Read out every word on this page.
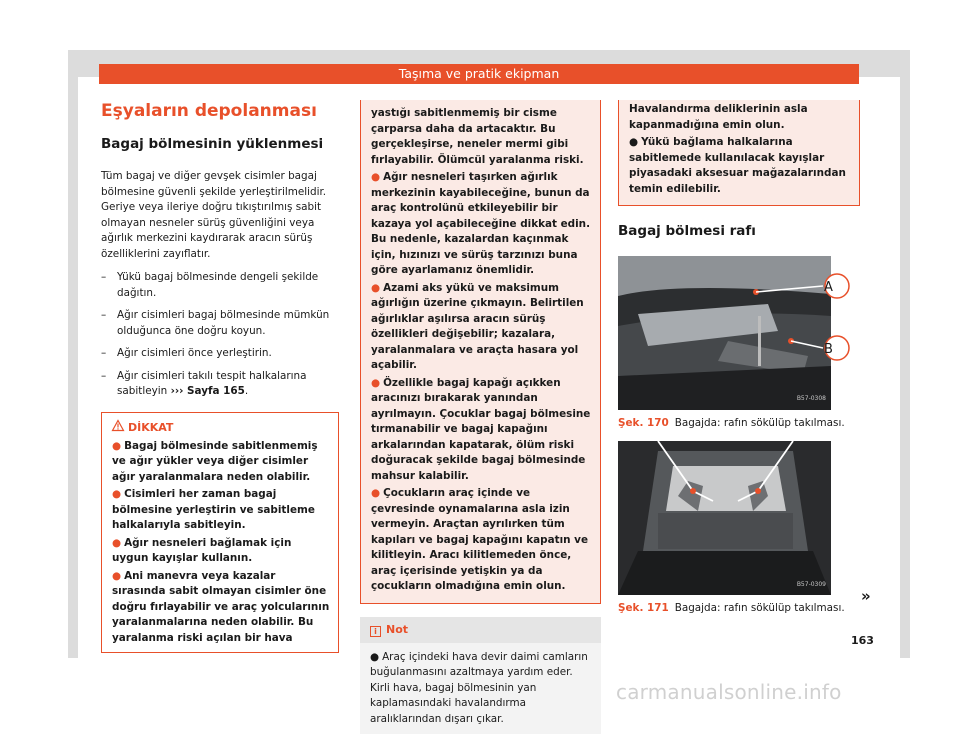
Taşıma ve pratik ekipman
Eşyaların depolanması
Bagaj bölmesinin yüklenmesi

Tüm bagaj ve diğer gevşek cisimler bagaj bölmesine güvenli şekilde yerleştirilmelidir. Geriye veya ileriye doğru tıkıştırılmış sabit olmayan nesneler sürüş güvenliğini veya ağırlık merkezini kaydırarak aracın sürüş özelliklerini zayıflatır.

– Yükü bagaj bölmesinde dengeli şekilde dağıtın.
– Ağır cisimleri bagaj bölmesinde mümkün olduğunca öne doğru koyun.
– Ağır cisimleri önce yerleştirin.
– Ağır cisimleri takılı tespit halkalarına sabitleyin ››› Sayfa 165.
DİKKAT
● Bagaj bölmesinde sabitlenmemiş ve ağır yükler veya diğer cisimler ağır yaralanmalara neden olabilir.
● Cisimleri her zaman bagaj bölmesine yerleştirin ve sabitleme halkalarıyla sabitleyin.
● Ağır nesneleri bağlamak için uygun kayışlar kullanın.
● Ani manevra veya kazalar sırasında sabit olmayan cisimler öne doğru fırlayabilir ve araç yolcularının yaralanmalarına neden olabilir. Bu yaralanma riski açılan bir hava
yastığı sabitlenmemiş bir cisme çarparsa daha da artacaktır. Bu gerçekleşirse, neneler mermi gibi fırlayabilir. Ölümcül yaralanma riski.
● Ağır nesneleri taşırken ağırlık merkezinin kayabileceğine, bunun da araç kontrolünü etkileyebilir bir kazaya yol açabileceğine dikkat edin. Bu nedenle, kazalardan kaçınmak için, hızınızı ve sürüş tarzınızı buna göre ayarlamanız önemlidir.
● Azami aks yükü ve maksimum ağırlığın üzerine çıkmayın. Belirtilen ağırlıklar aşılırsa aracın sürüş özellikleri değişebilir; kazalara, yaralanmalara ve araçta hasara yol açabilir.
● Özellikle bagaj kapağı açıkken aracınızı bırakarak yanından ayrılmayın. Çocuklar bagaj bölmesine tırmanabilir ve bagaj kapağını arkalarından kapatarak, ölüm riski doğuracak şekilde bagaj bölmesinde mahsur kalabilir.
● Çocukların araç içinde ve çevresinde oynamalarına asla izin vermeyin. Araçtan ayrılırken tüm kapıları ve bagaj kapağını kapatın ve kilitleyin. Aracı kilitlemeden önce, araç içerisinde yetişkin ya da çocukların olmadığına emin olun.
i Not
● Araç içindeki hava devir daimi camların buğulanmasını azaltmaya yardım eder. Kirli hava, bagaj bölmesinin yan kaplamasındaki havalandırma aralıklarından dışarı çıkar.
Havalandırma deliklerinin asla kapanmadığına emin olun.
● Yükü bağlama halkalarına sabitlemede kullanılacak kayışlar piyasadaki aksesuar mağazalarından temin edilebilir.
Bagaj bölmesi rafı
A
B
B57-0308
Şek. 170 Bagajda: rafın sökülüp takılması.
B57-0309
Şek. 171 Bagajda: rafın sökülüp takılması.
»
163
carmanualsonline.info
